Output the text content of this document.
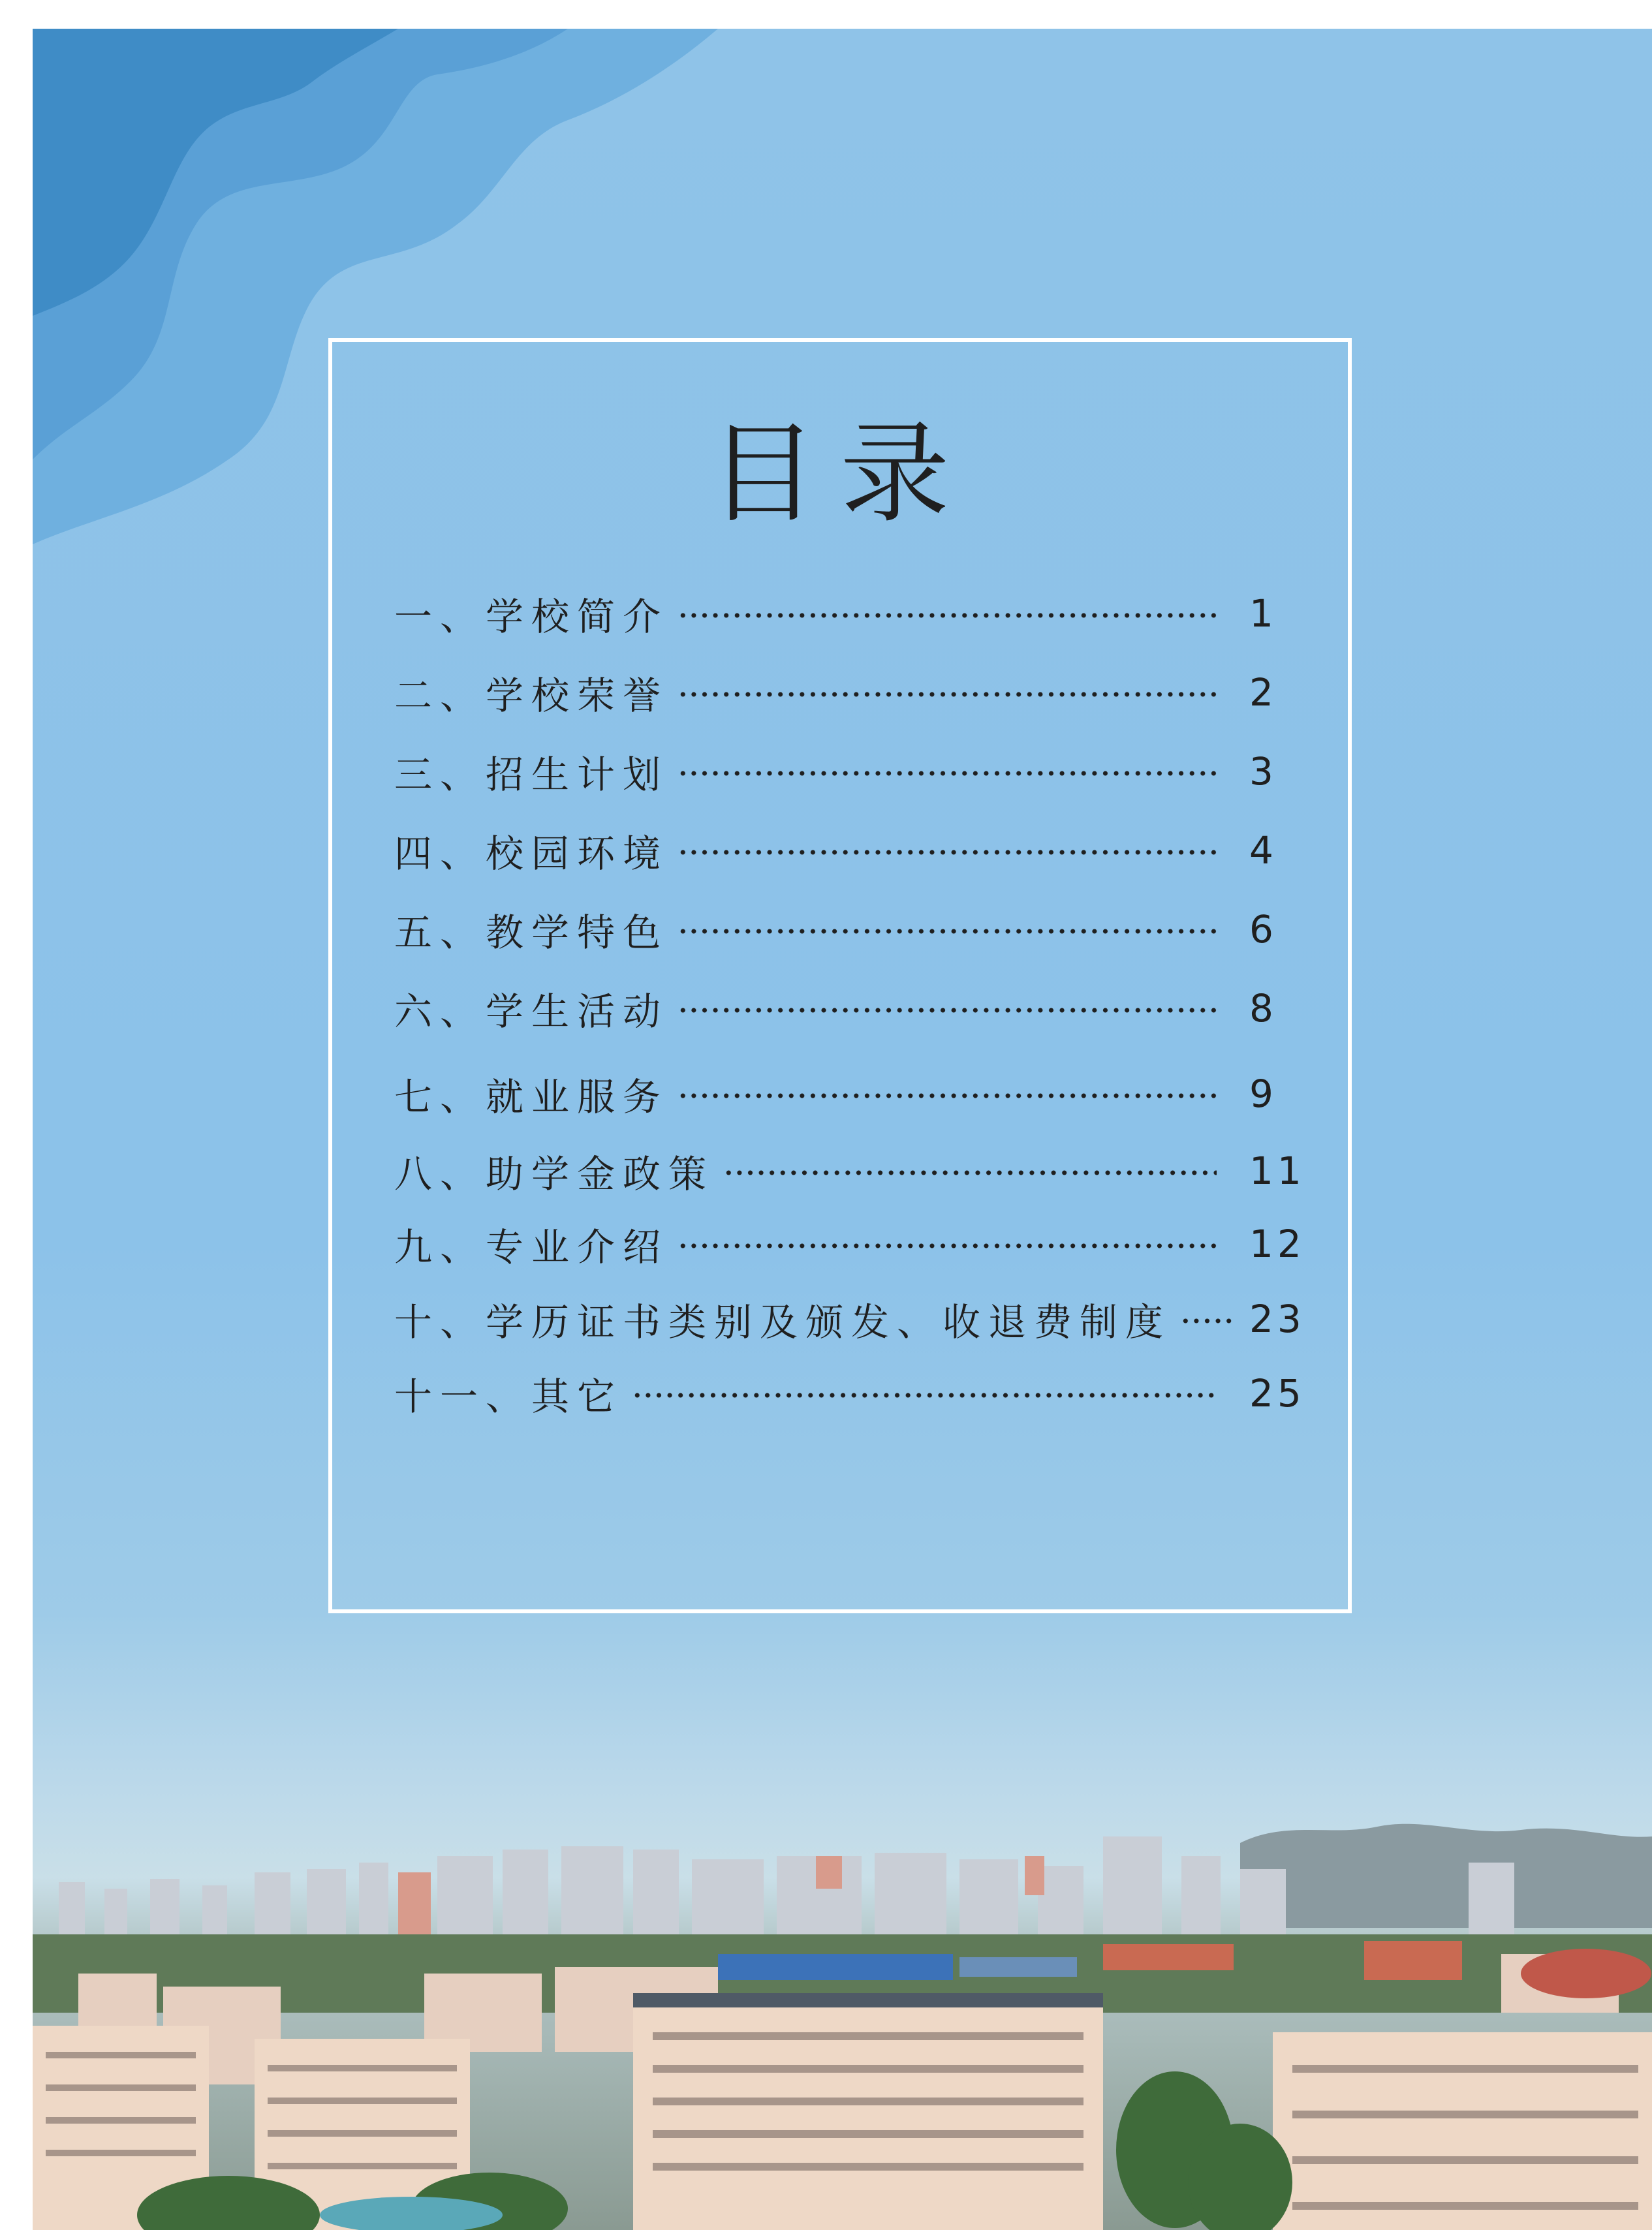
目录
一、学校简介	1
二、学校荣誉	2
三、招生计划	3
四、校园环境	4
五、教学特色	6
六、学生活动	8
七、就业服务	9
八、助学金政策	11
九、专业介绍	12
十、学历证书类别及颁发、收退费制度 23
十一、其它	25
